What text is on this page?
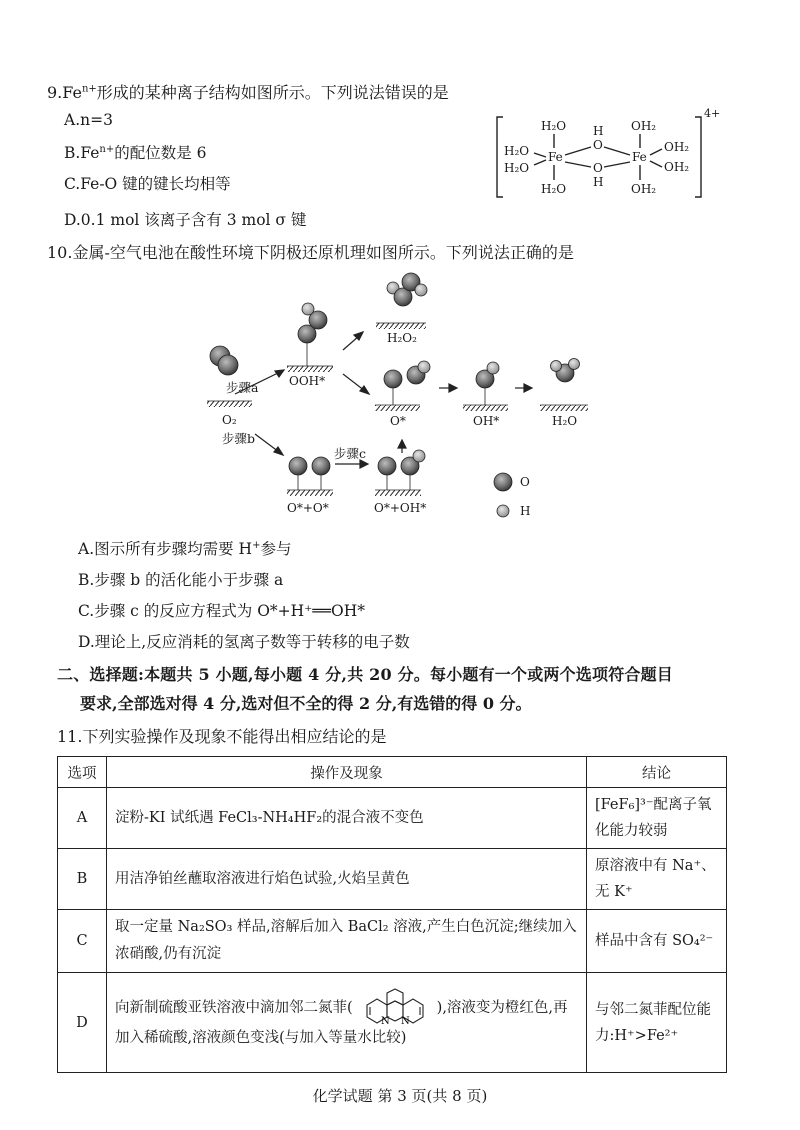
$9.Fe^{n+}$形成的某种离子结构如图所示。下列说法错误的是
A.n=3
$B.Fe^{n+}$的配位数是 6
C.Fe-O 键的键长均相等
D.0.1 mol 该离子含有 3 mol σ 键
H₂O
H₂O
H₂O
H₂O
Fe
H
O
O
H
Fe
OH₂
OH₂
OH₂
OH₂
4+
10.金属-空气电池在酸性环境下阴极还原机理如图所示。下列说法正确的是
H₂O₂
OOH*
步骤a
O₂
步骤b
O*	OH*	H₂O
步骤c
O*+O*	O*+OH*
O
H
A.图示所有步骤均需要 H+参与
B.步骤 b 的活化能小于步骤 a
C.步骤 c 的反应方程式为 O*+H⁺══OH*
D.理论上,反应消耗的氢离子数等于转移的电子数
二、选择题:本题共 5 小题,每小题 4 分,共 20 分。每小题有一个或两个选项符合题目
要求,全部选对得 4 分,选对但不全的得 2 分,有选错的得 0 分。
11.下列实验操作及现象不能得出相应结论的是
选项	操作及现象	结论
A	淀粉-KI 试纸遇 FeCl₃-NH₄HF₂的混合液不变色	[FeF₆]³⁻配离子氧化能力较弱
B	用洁净铂丝蘸取溶液进行焰色试验,火焰呈黄色	原溶液中有 Na⁺、无 K⁺
C	取一定量 Na₂SO₃ 样品,溶解后加入 BaCl₂ 溶液,产生白色沉淀;继续加入浓硝酸,仍有沉淀	样品中含有 SO₄²⁻
D	向新制硫酸亚铁溶液中滴加邻二氮菲(
N N
),溶液变为橙红色,再加入稀硫酸,溶液颜色变浅(与加入等量水比较)	与邻二氮菲配位能力:H⁺>Fe²⁺
化学试题 第 3 页(共 8 页)
